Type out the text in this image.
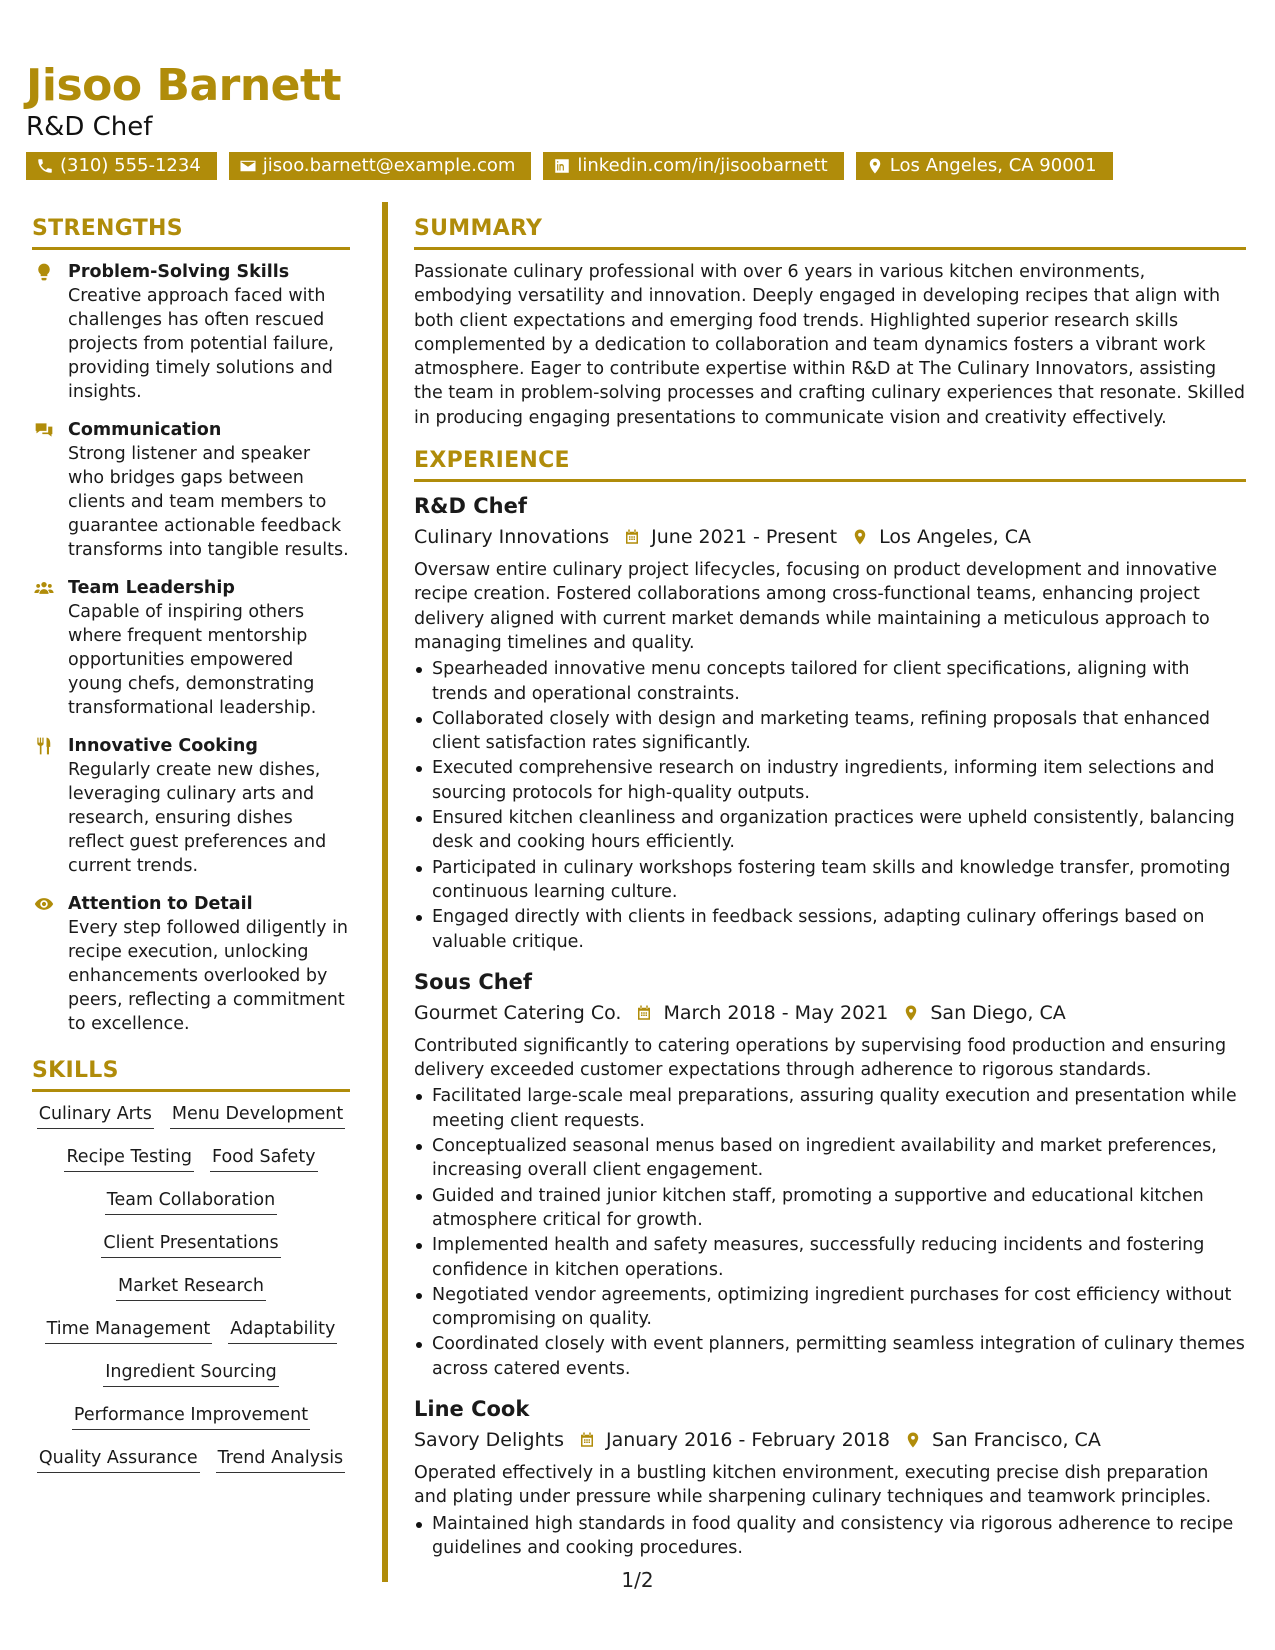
Jisoo Barnett
R&D Chef
(310) 555-1234	jisoo.barnett@example.com	linkedin.com/in/jisoobarnett	Los Angeles, CA 90001
STRENGTHS
Problem-Solving Skills
Creative approach faced with challenges has often rescued projects from potential failure, providing timely solutions and insights.
Communication
Strong listener and speaker who bridges gaps between clients and team members to guarantee actionable feedback transforms into tangible results.
Team Leadership
Capable of inspiring others where frequent mentorship opportunities empowered young chefs, demonstrating transformational leadership.
Innovative Cooking
Regularly create new dishes, leveraging culinary arts and research, ensuring dishes reflect guest preferences and current trends.
Attention to Detail
Every step followed diligently in recipe execution, unlocking enhancements overlooked by peers, reflecting a commitment to excellence.
SKILLS
Culinary Arts Menu Development
Recipe Testing Food Safety
Team Collaboration
Client Presentations
Market Research
Time Management Adaptability
Ingredient Sourcing
Performance Improvement
Quality Assurance Trend Analysis
SUMMARY
Passionate culinary professional with over 6 years in various kitchen environments, embodying versatility and innovation. Deeply engaged in developing recipes that align with both client expectations and emerging food trends. Highlighted superior research skills complemented by a dedication to collaboration and team dynamics fosters a vibrant work atmosphere. Eager to contribute expertise within R&D at The Culinary Innovators, assisting the team in problem-solving processes and crafting culinary experiences that resonate. Skilled in producing engaging presentations to communicate vision and creativity effectively.
EXPERIENCE
R&D Chef
Culinary Innovations June 2021 - Present Los Angeles, CA
Oversaw entire culinary project lifecycles, focusing on product development and innovative recipe creation. Fostered collaborations among cross-functional teams, enhancing project delivery aligned with current market demands while maintaining a meticulous approach to managing timelines and quality.
Spearheaded innovative menu concepts tailored for client specifications, aligning with trends and operational constraints.
Collaborated closely with design and marketing teams, refining proposals that enhanced client satisfaction rates significantly.
Executed comprehensive research on industry ingredients, informing item selections and sourcing protocols for high-quality outputs.
Ensured kitchen cleanliness and organization practices were upheld consistently, balancing desk and cooking hours efficiently.
Participated in culinary workshops fostering team skills and knowledge transfer, promoting continuous learning culture.
Engaged directly with clients in feedback sessions, adapting culinary offerings based on valuable critique.
Sous Chef
Gourmet Catering Co. March 2018 - May 2021 San Diego, CA
Contributed significantly to catering operations by supervising food production and ensuring delivery exceeded customer expectations through adherence to rigorous standards.
Facilitated large-scale meal preparations, assuring quality execution and presentation while meeting client requests.
Conceptualized seasonal menus based on ingredient availability and market preferences, increasing overall client engagement.
Guided and trained junior kitchen staff, promoting a supportive and educational kitchen atmosphere critical for growth.
Implemented health and safety measures, successfully reducing incidents and fostering confidence in kitchen operations.
Negotiated vendor agreements, optimizing ingredient purchases for cost efficiency without compromising on quality.
Coordinated closely with event planners, permitting seamless integration of culinary themes across catered events.
Line Cook
Savory Delights January 2016 - February 2018 San Francisco, CA
Operated effectively in a bustling kitchen environment, executing precise dish preparation and plating under pressure while sharpening culinary techniques and teamwork principles.
Maintained high standards in food quality and consistency via rigorous adherence to recipe guidelines and cooking procedures.
1/2
